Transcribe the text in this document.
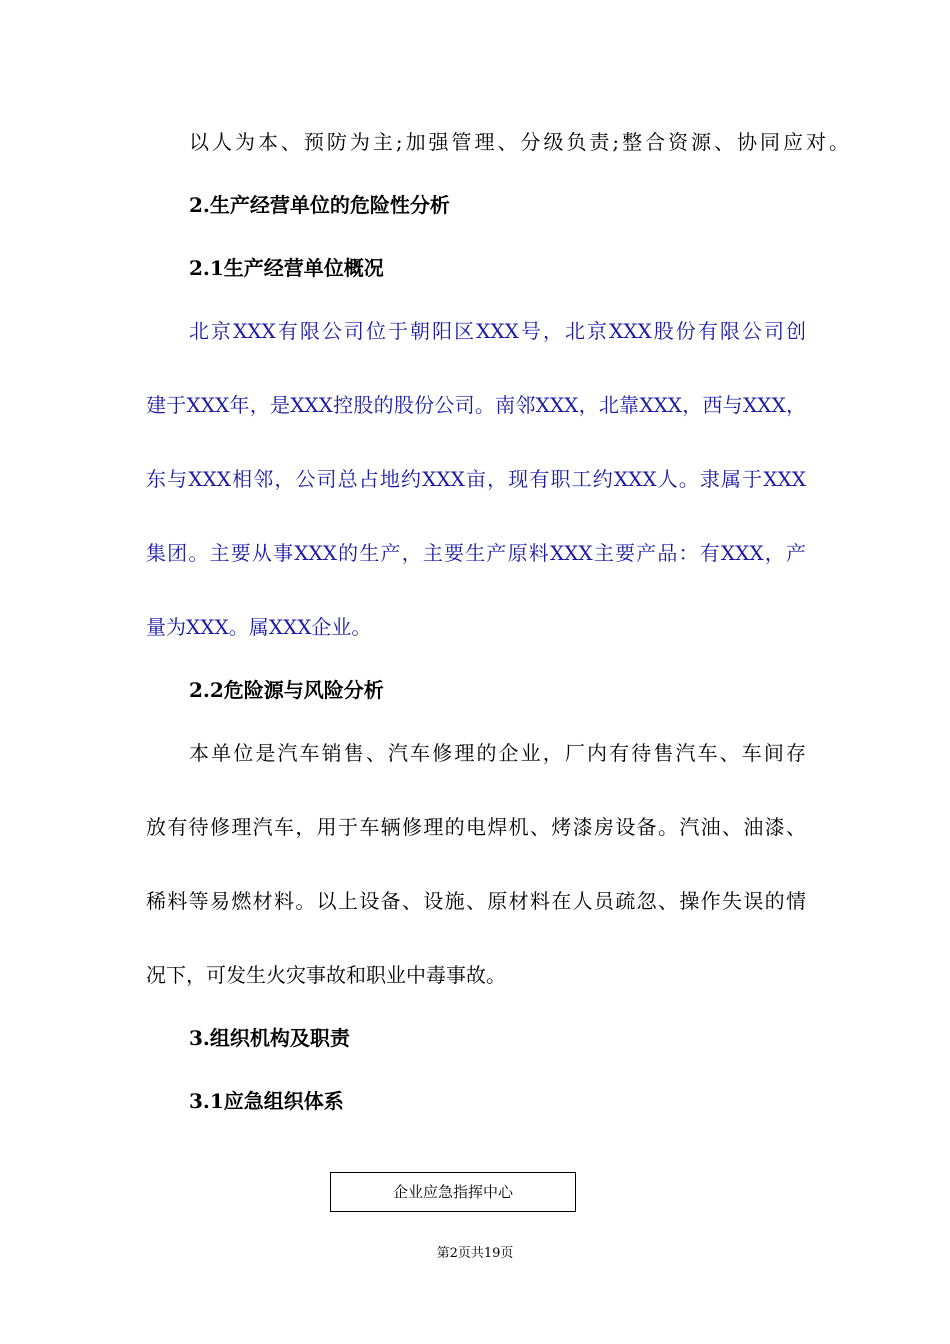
以人为本、预防为主;加强管理、分级负责;整合资源、协同应对。
2.生产经营单位的危险性分析
2.1生产经营单位概况
北京XXX有限公司位于朝阳区XXX号，北京XXX股份有限公司创
建于XXX年，是XXX控股的股份公司。南邻XXX，北靠XXX，西与XXX，
东与XXX相邻，公司总占地约XXX亩，现有职工约XXX人。隶属于XXX
集团。主要从事XXX的生产，主要生产原料XXX主要产品：有XXX，产
量为XXX。属XXX企业。
2.2危险源与风险分析
本单位是汽车销售、汽车修理的企业，厂内有待售汽车、车间存
放有待修理汽车，用于车辆修理的电焊机、烤漆房设备。汽油、油漆、
稀料等易燃材料。以上设备、设施、原材料在人员疏忽、操作失误的情
况下，可发生火灾事故和职业中毒事故。
3.组织机构及职责
3.1应急组织体系
企业应急指挥中心
第2页共19页
